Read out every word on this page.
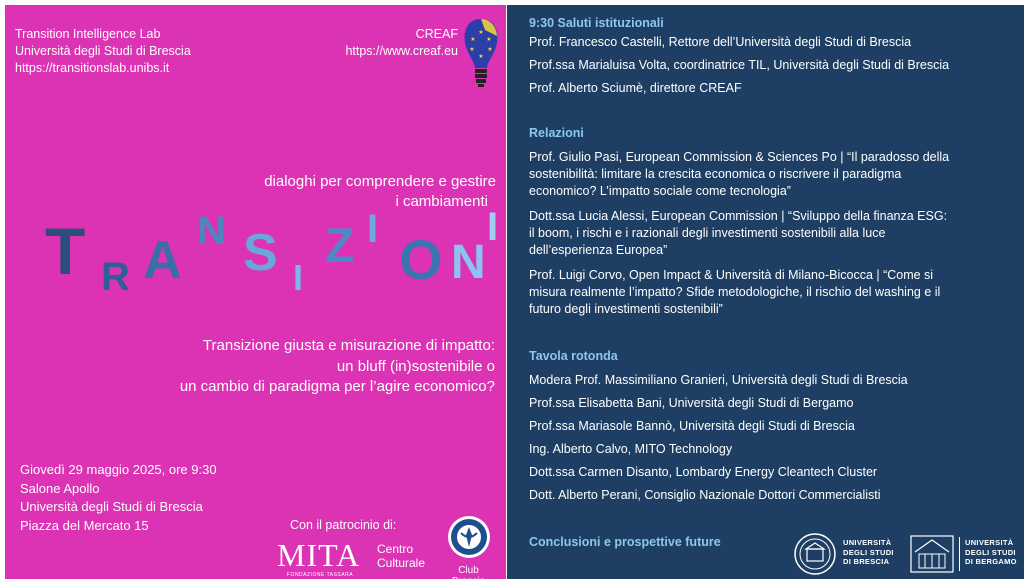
Transition Intelligence Lab
Università degli Studi di Brescia
https://transitionslab.unibs.it
CREAF
https://www.creaf.eu
★
★ ★
★ ★
★
dialoghi per comprendere e gestire
i cambiamenti
T R A N S I
Z I O N
I
Transizione giusta e misurazione di impatto:
un bluff (in)sostenibile o
un cambio di paradigma per l’agire economico?
Giovedì 29 maggio 2025, ore 9:30
Salone Apollo
Università degli Studi di Brescia
Piazza del Mercato 15	Con il patrocinio di:
MITA Centro
Culturale
FONDAZIONE TASSARA	Club Brescia
9:30 Saluti istituzionali
Prof. Francesco Castelli, Rettore dell’Università degli Studi di Brescia
Prof.ssa Marialuisa Volta, coordinatrice TIL, Università degli Studi di Brescia
Prof. Alberto Sciumè, direttore CREAF
Relazioni
Prof. Giulio Pasi, European Commission & Sciences Po | “Il paradosso della
sostenibilità: limitare la crescita economica o riscrivere il paradigma
economico? L’impatto sociale come tecnologia”
Dott.ssa Lucia Alessi, European Commission | “Sviluppo della finanza ESG:
il boom, i rischi e i razionali degli investimenti sostenibili alla luce
dell’esperienza Europea”
Prof. Luigi Corvo, Open Impact & Università di Milano-Bicocca | “Come si
misura realmente l’impatto? Sfide metodologiche, il rischio del washing e il
futuro degli investimenti sostenibili”
Tavola rotonda
Modera Prof. Massimiliano Granieri, Università degli Studi di Brescia
Prof.ssa Elisabetta Bani, Università degli Studi di Bergamo
Prof.ssa Mariasole Bannò, Università degli Studi di Brescia
Ing. Alberto Calvo, MITO Technology
Dott.ssa Carmen Disanto, Lombardy Energy Cleantech Cluster
Dott. Alberto Perani, Consiglio Nazionale Dottori Commercialisti
Conclusioni e prospettive future	UNIVERSITÀ
DEGLI STUDI
DI BRESCIA
UNIVERSITÀ
DEGLI STUDI
DI BERGAMO
